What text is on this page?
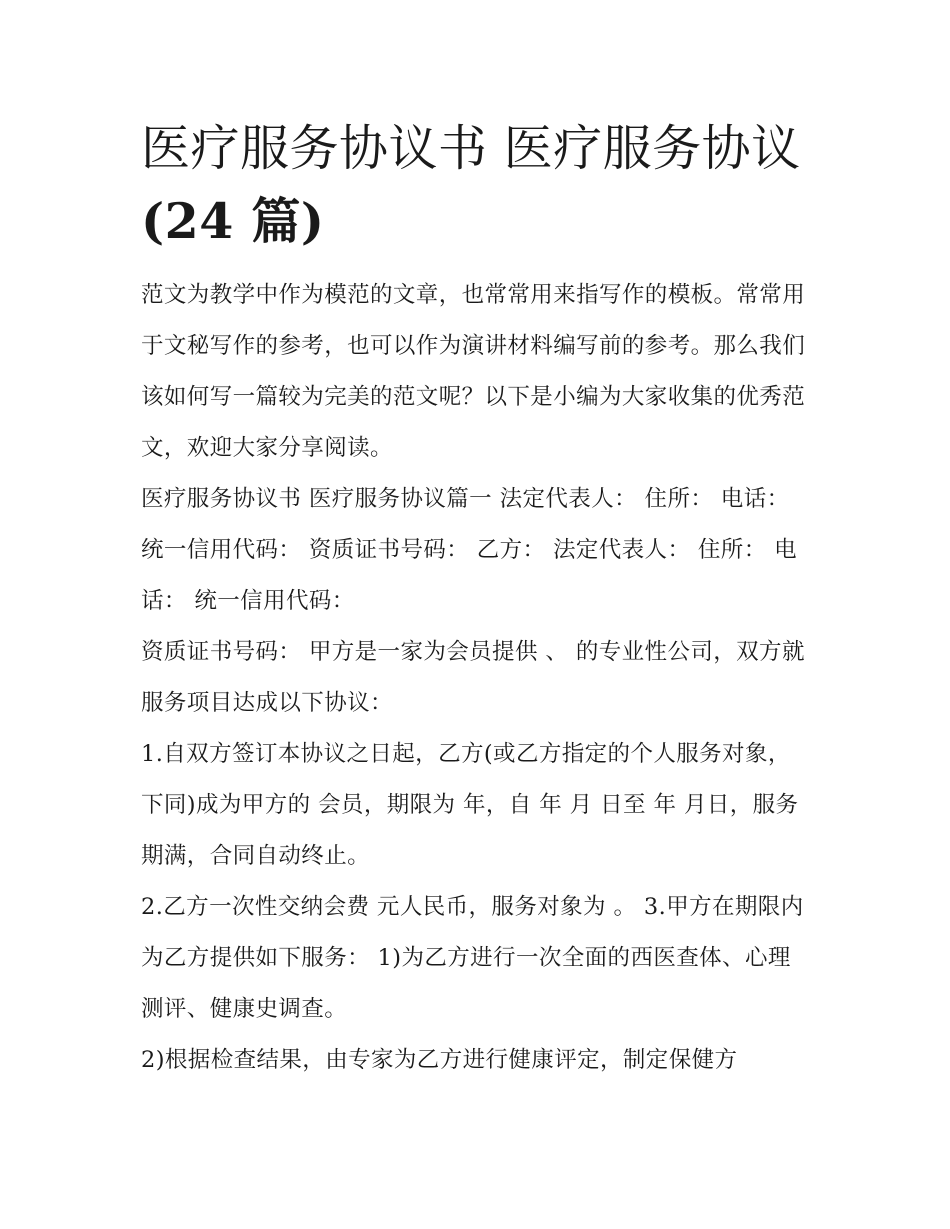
医疗服务协议书 医疗服务协议
(24 篇)

范文为教学中作为模范的文章，也常常用来指写作的模板。常常用于文秘写作的参考，也可以作为演讲材料编写前的参考。那么我们该如何写一篇较为完美的范文呢？以下是小编为大家收集的优秀范文，欢迎大家分享阅读。

医疗服务协议书 医疗服务协议篇一 法定代表人： 住所： 电话： 统一信用代码： 资质证书号码： 乙方： 法定代表人： 住所： 电话： 统一信用代码：

资质证书号码： 甲方是一家为会员提供 、 的专业性公司，双方就服务项目达成以下协议：

1.自双方签订本协议之日起，乙方(或乙方指定的个人服务对象，下同)成为甲方的 会员，期限为 年，自 年 月 日至 年 月日，服务期满，合同自动终止。

2.乙方一次性交纳会费 元人民币，服务对象为 。 3.甲方在期限内为乙方提供如下服务： 1)为乙方进行一次全面的西医查体、心理测评、健康史调查。

2)根据检查结果，由专家为乙方进行健康评定，制定保健方
